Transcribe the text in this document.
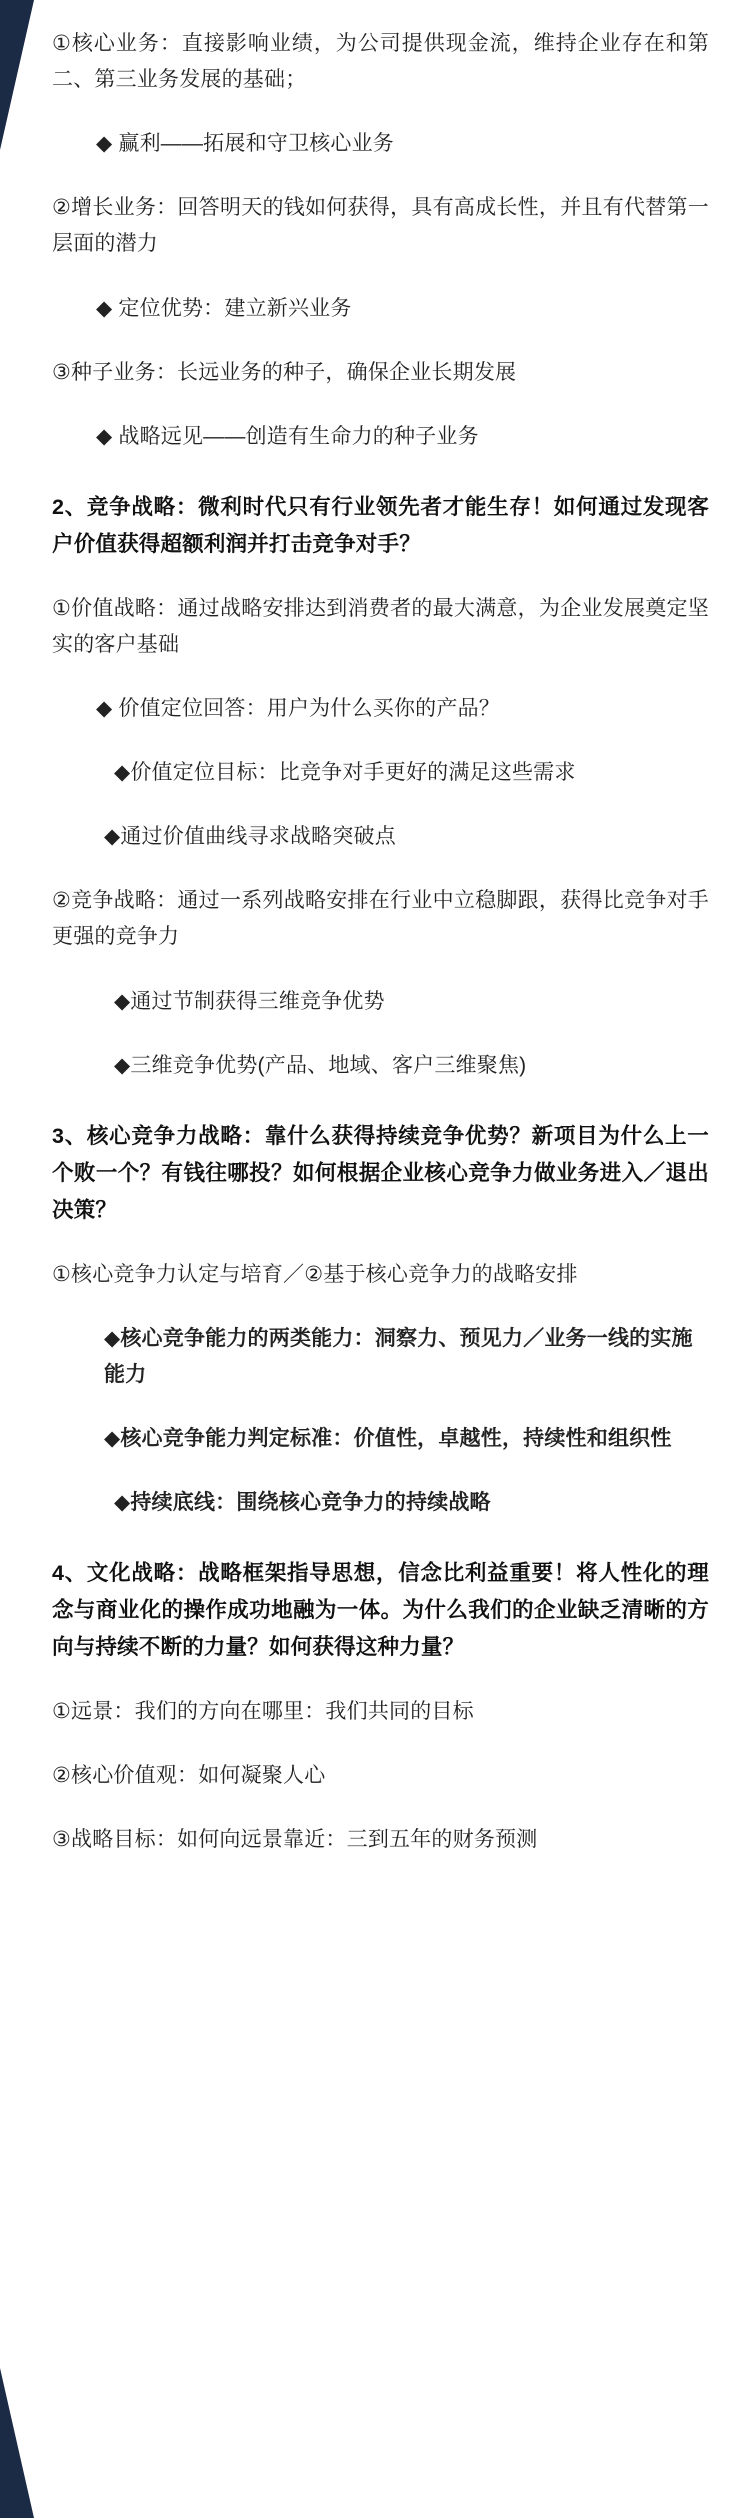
①核心业务：直接影响业绩，为公司提供现金流，维持企业存在和第二、第三业务发展的基础；

◆ 赢利——拓展和守卫核心业务

②增长业务：回答明天的钱如何获得，具有高成长性，并且有代替第一层面的潜力

◆ 定位优势：建立新兴业务

③种子业务：长远业务的种子，确保企业长期发展

◆ 战略远见——创造有生命力的种子业务

2、竞争战略：微利时代只有行业领先者才能生存！如何通过发现客户价值获得超额利润并打击竞争对手？

①价值战略：通过战略安排达到消费者的最大满意，为企业发展奠定坚实的客户基础

◆ 价值定位回答：用户为什么买你的产品？

◆价值定位目标：比竞争对手更好的满足这些需求

◆通过价值曲线寻求战略突破点

②竞争战略：通过一系列战略安排在行业中立稳脚跟，获得比竞争对手更强的竞争力

◆通过节制获得三维竞争优势

◆三维竞争优势(产品、地域、客户三维聚焦)

3、核心竞争力战略：靠什么获得持续竞争优势？新项目为什么上一个败一个？有钱往哪投？如何根据企业核心竞争力做业务进入／退出决策？

①核心竞争力认定与培育／②基于核心竞争力的战略安排

◆核心竞争能力的两类能力：洞察力、预见力／业务一线的实施能力

◆核心竞争能力判定标准：价值性，卓越性，持续性和组织性

◆持续底线：围绕核心竞争力的持续战略

4、文化战略：战略框架指导思想，信念比利益重要！将人性化的理念与商业化的操作成功地融为一体。为什么我们的企业缺乏清晰的方向与持续不断的力量？如何获得这种力量？

①远景：我们的方向在哪里：我们共同的目标

②核心价值观：如何凝聚人心

③战略目标：如何向远景靠近：三到五年的财务预测
